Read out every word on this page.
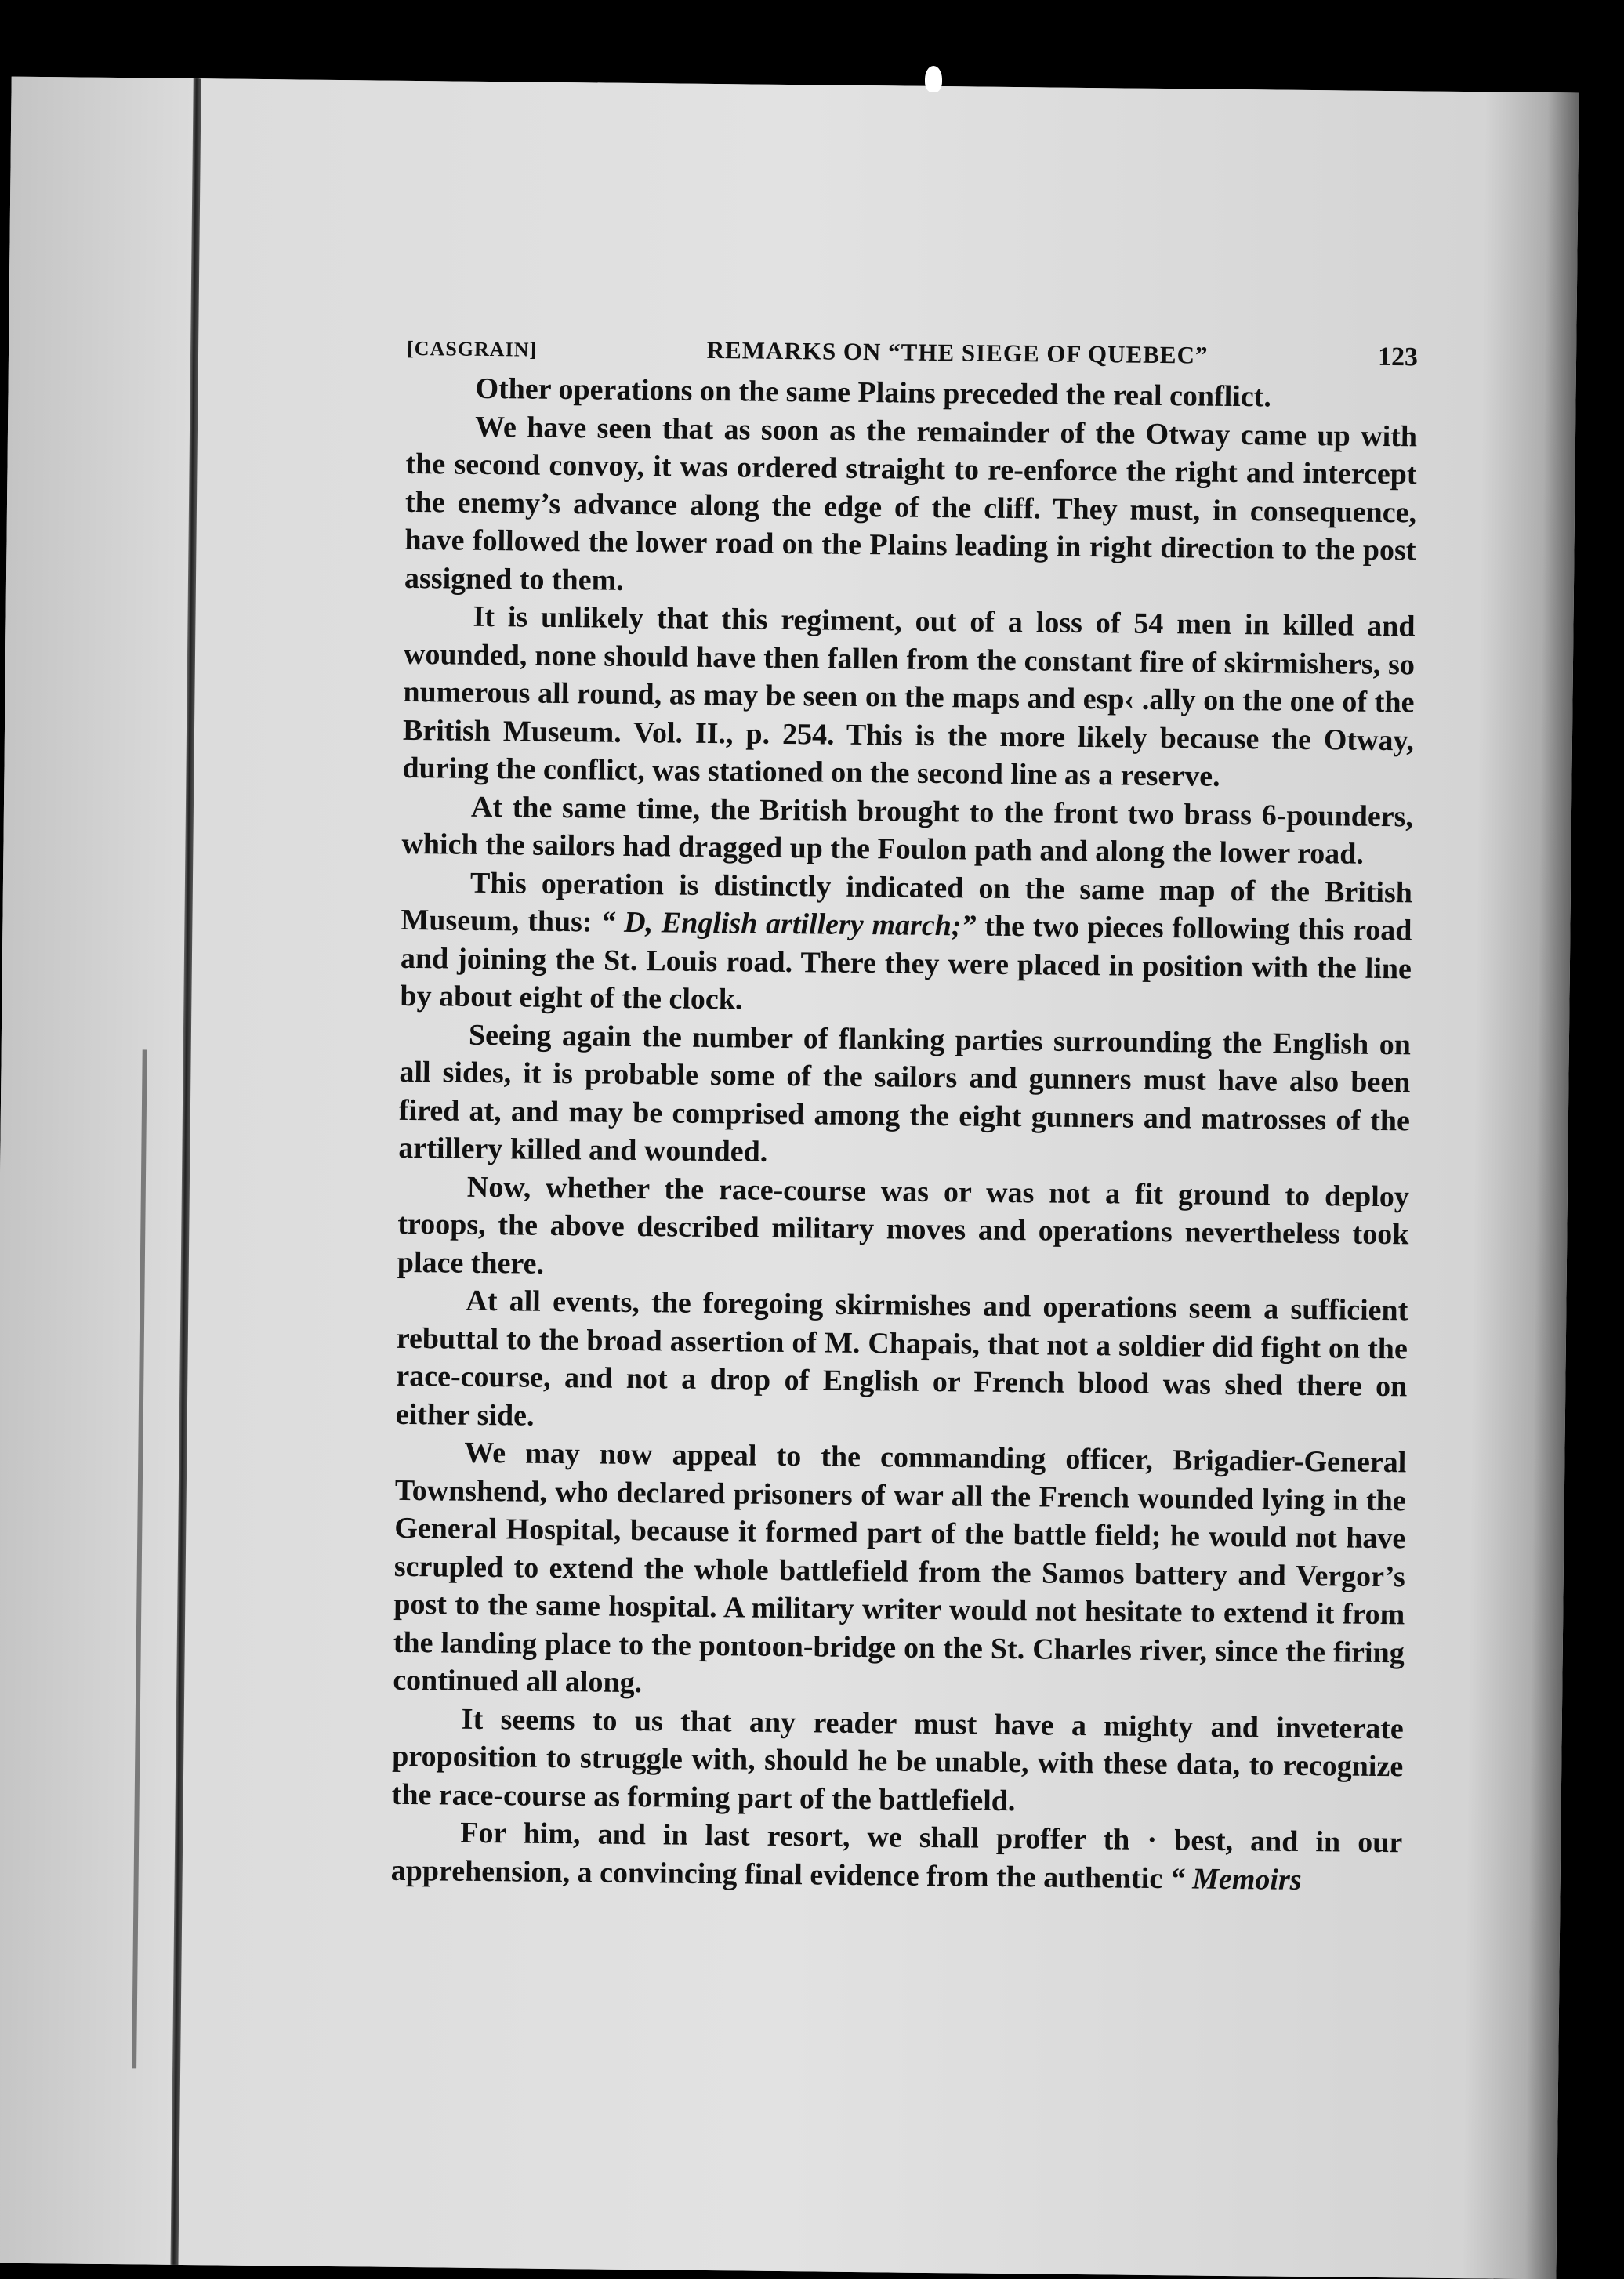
[CASGRAIN]	REMARKS ON “THE SIEGE OF QUEBEC”	123

Other operations on the same Plains preceded the real conflict.

We have seen that as soon as the remainder of the Otway came up with the second convoy, it was ordered straight to re-enforce the right and intercept the enemy’s advance along the edge of the cliff. They must, in consequence, have followed the lower road on the Plains leading in right direction to the post assigned to them.

It is unlikely that this regiment, out of a loss of 54 men in killed and wounded, none should have then fallen from the constant fire of skirmishers, so numerous all round, as may be seen on the maps and esp‹ .ally on the one of the British Museum. Vol. II., p. 254. This is the more likely because the Otway, during the conflict, was stationed on the second line as a reserve.

At the same time, the British brought to the front two brass 6-pounders, which the sailors had dragged up the Foulon path and along the lower road.

This operation is distinctly indicated on the same map of the British Museum, thus: “ D, English artillery march;” the two pieces following this road and joining the St. Louis road. There they were placed in position with the line by about eight of the clock.

Seeing again the number of flanking parties surrounding the English on all sides, it is probable some of the sailors and gunners must have also been fired at, and may be comprised among the eight gunners and matrosses of the artillery killed and wounded.

Now, whether the race-course was or was not a fit ground to deploy troops, the above described military moves and operations nevertheless took place there.

At all events, the foregoing skirmishes and operations seem a sufficient rebuttal to the broad assertion of M. Chapais, that not a soldier did fight on the race-course, and not a drop of English or French blood was shed there on either side.

We may now appeal to the commanding officer, Brigadier-General Townshend, who declared prisoners of war all the French wounded lying in the General Hospital, because it formed part of the battle field; he would not have scrupled to extend the whole battlefield from the Samos battery and Vergor’s post to the same hospital. A military writer would not hesitate to extend it from the landing place to the pontoon-bridge on the St. Charles river, since the firing continued all along.

It seems to us that any reader must have a mighty and inveterate proposition to struggle with, should he be unable, with these data, to recognize the race-course as forming part of the battlefield.

For him, and in last resort, we shall proffer th · best, and in our apprehension, a convincing final evidence from the authentic “ Memoirs
